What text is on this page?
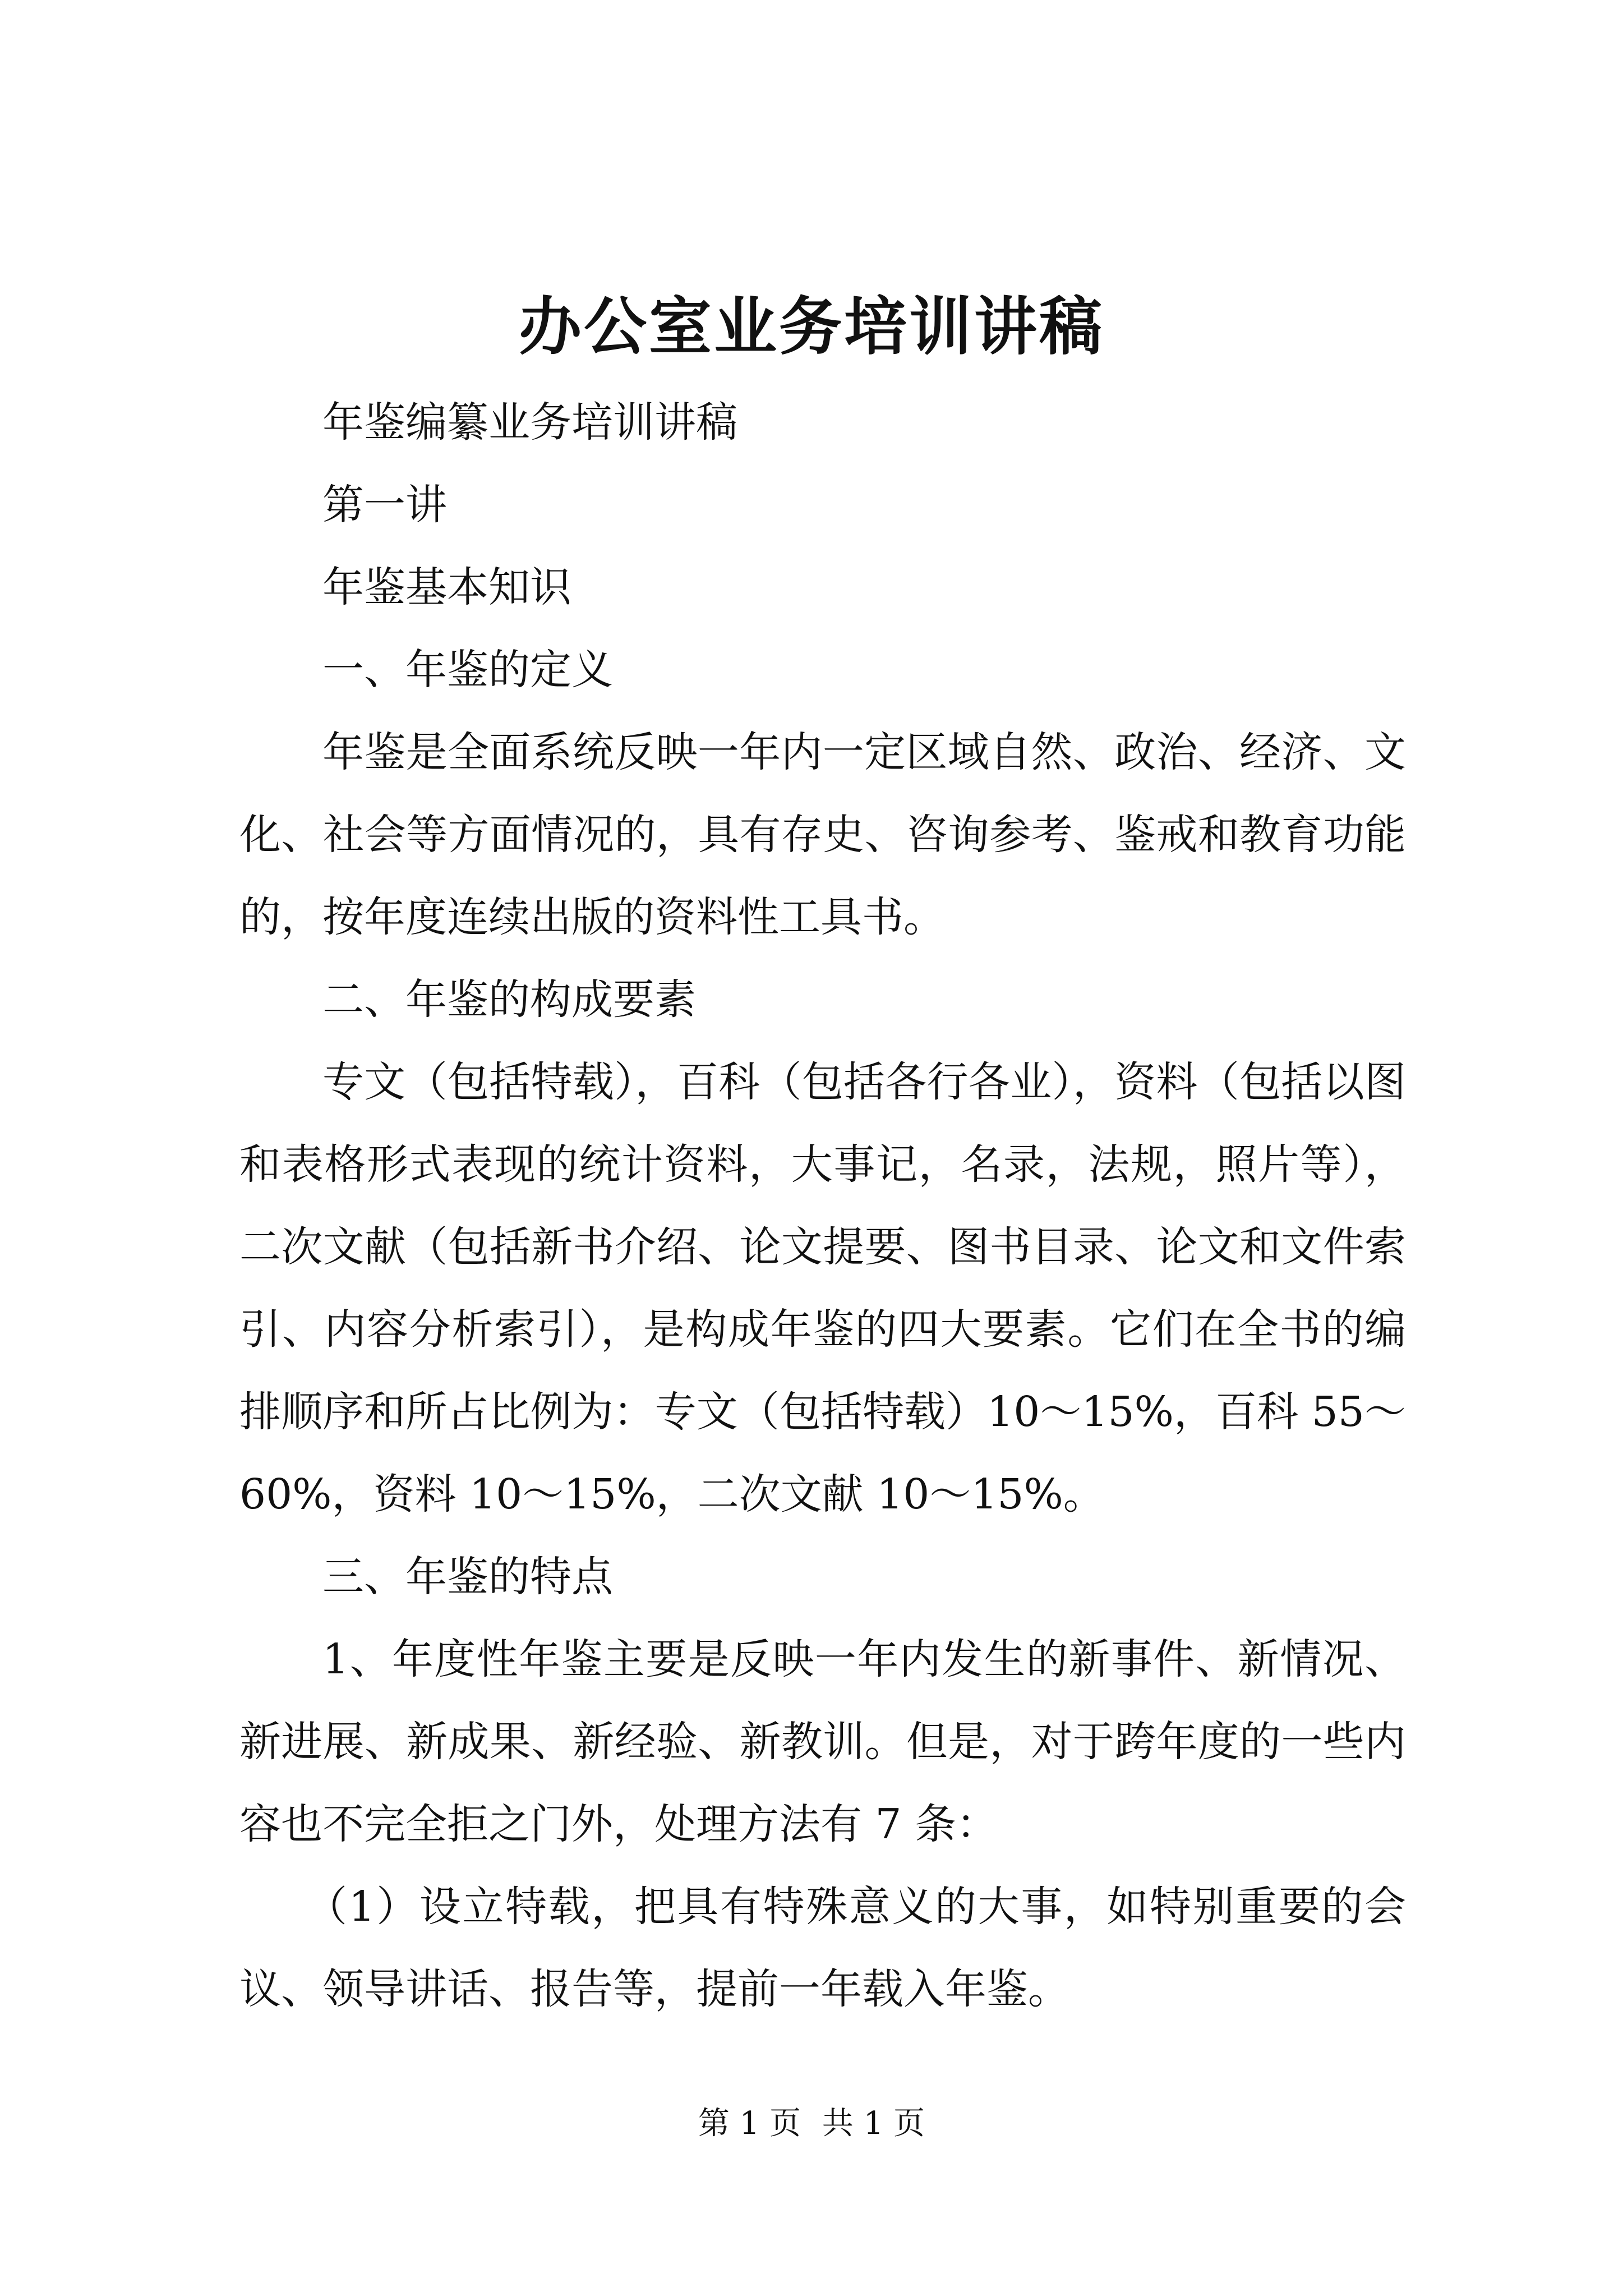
办公室业务培训讲稿

年鉴编纂业务培训讲稿

第一讲

年鉴基本知识

一、年鉴的定义

年鉴是全面系统反映一年内一定区域自然、政治、经济、文化、社会等方面情况的，具有存史、咨询参考、鉴戒和教育功能的，按年度连续出版的资料性工具书。

二、年鉴的构成要素

专文（包括特载），百科（包括各行各业），资料（包括以图和表格形式表现的统计资料，大事记，名录，法规，照片等），二次文献（包括新书介绍、论文提要、图书目录、论文和文件索引、内容分析索引），是构成年鉴的四大要素。它们在全书的编排顺序和所占比例为：专文（包括特载）10～15%，百科 55～60%，资料 10～15%，二次文献 10～15%。

三、年鉴的特点

1、年度性年鉴主要是反映一年内发生的新事件、新情况、新进展、新成果、新经验、新教训。但是，对于跨年度的一些内容也不完全拒之门外，处理方法有 7 条：

（1）设立特载，把具有特殊意义的大事，如特别重要的会议、领导讲话、报告等，提前一年载入年鉴。

第 1 页 共 1 页
